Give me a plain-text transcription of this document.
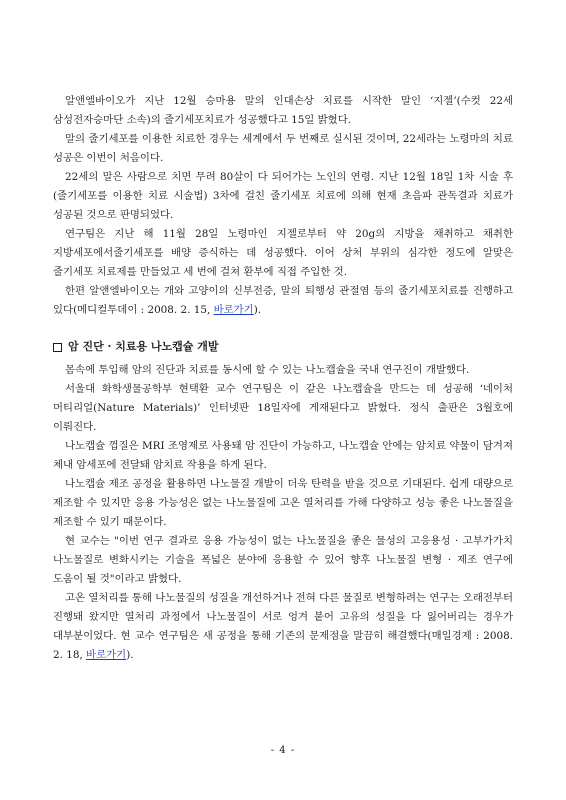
알앤엘바이오가 지난 12월 승마용 말의 인대손상 치료를 시작한 말인 ‘지젤’(수컷 22세 삼성전자승마단 소속)의 줄기세포치료가 성공했다고 15일 밝혔다.

말의 줄기세포를 이용한 치료한 경우는 세계에서 두 번째로 실시된 것이며, 22세라는 노령마의 치료 성공은 이번이 처음이다.

22세의 말은 사람으로 치면 무려 80살이 다 되어가는 노인의 연령. 지난 12월 18일 1차 시술 후(줄기세포를 이용한 치료 시술법) 3차에 걸친 줄기세포 치료에 의해 현재 초음파 관독결과 치료가 성공된 것으로 판명되었다.

연구팀은 지난 해 11월 28일 노령마인 지젤로부터 약 20g의 지방을 채취하고 채취한 지방세포에서줄기세포를 배양 증식하는 데 성공했다. 이어 상처 부위의 심각한 정도에 알맞은 줄기세포 치료제를 만들었고 세 번에 걸쳐 환부에 직접 주입한 것.

한편 알앤엘바이오는 개와 고양이의 신부전증, 말의 퇴행성 관절염 등의 줄기세포치료를 진행하고 있다(메디컬투데이 : 2008. 2. 15, 바로가기).

암 진단 · 치료용 나노캡슐 개발

몸속에 투입해 암의 진단과 치료를 동시에 할 수 있는 나노캡슐을 국내 연구진이 개발했다.

서울대 화학생물공학부 현택환 교수 연구팀은 이 같은 나노캡슐을 만드는 데 성공해 ‘네이처 머티리얼(Nature Materials)’ 인터넷판 18일자에 게재된다고 밝혔다. 정식 출판은 3월호에 이뤄진다.

나노캡슐 껍질은 MRI 조영제로 사용돼 암 진단이 가능하고, 나노캡슐 안에는 암치료 약물이 담겨져 체내 암세포에 전달돼 암치료 작용을 하게 된다.

나노캡슐 제조 공정을 활용하면 나노물질 개발이 더욱 탄력을 받을 것으로 기대된다. 쉽게 대량으로 제조할 수 있지만 응용 가능성은 없는 나노물질에 고온 열처리를 가해 다양하고 성능 좋은 나노물질을 제조할 수 있기 때문이다.

현 교수는 "이번 연구 결과로 응용 가능성이 없는 나노물질을 좋은 물성의 고응용성 · 고부가가치 나노물질로 변화시키는 기술을 폭넓은 분야에 응용할 수 있어 향후 나노물질 변형 · 제조 연구에 도움이 될 것"이라고 밝혔다.

고온 열처리를 통해 나노물질의 성질을 개선하거나 전혀 다른 물질로 변형하려는 연구는 오래전부터 진행돼 왔지만 열처리 과정에서 나노물질이 서로 엉겨 붙어 고유의 성질을 다 잃어버리는 경우가 대부분이었다. 현 교수 연구팀은 새 공정을 통해 기존의 문제점을 말끔히 해결했다(매일경제 : 2008. 2. 18, 바로가기).

- 4 -
